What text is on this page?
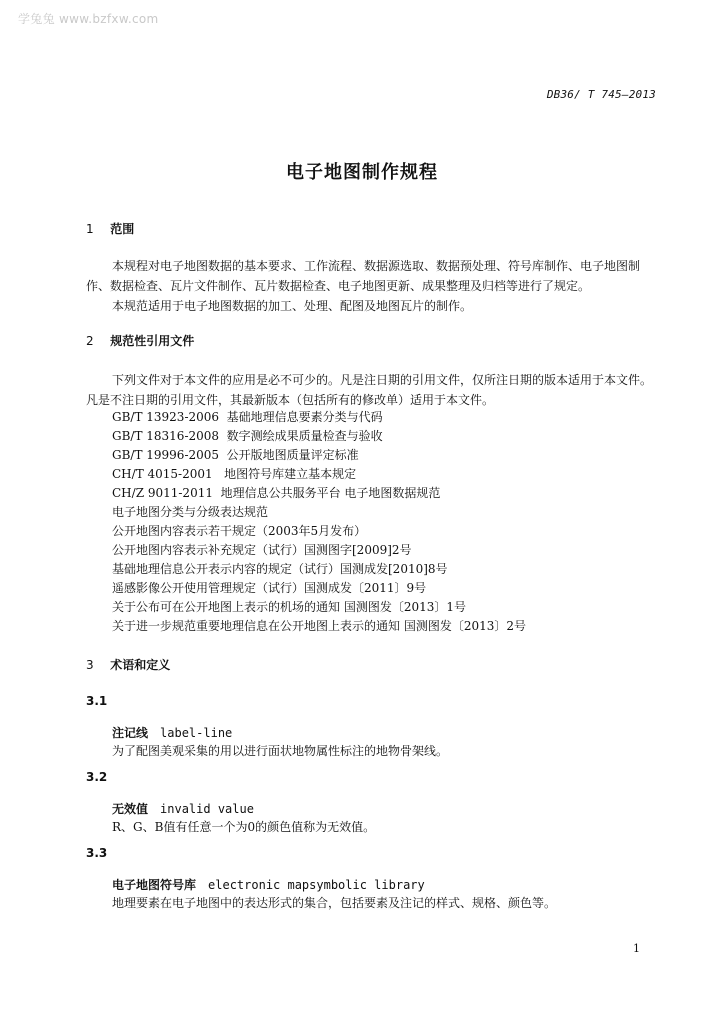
学兔兔 www.bzfxw.com
DB36/ T 745—2013
电子地图制作规程
1 范围
本规程对电子地图数据的基本要求、工作流程、数据源选取、数据预处理、符号库制作、电子地图制作、数据检查、瓦片文件制作、瓦片数据检查、电子地图更新、成果整理及归档等进行了规定。
本规范适用于电子地图数据的加工、处理、配图及地图瓦片的制作。
2 规范性引用文件
下列文件对于本文件的应用是必不可少的。凡是注日期的引用文件，仅所注日期的版本适用于本文件。凡是不注日期的引用文件，其最新版本（包括所有的修改单）适用于本文件。
GB/T 13923-2006  基础地理信息要素分类与代码
GB/T 18316-2008  数字测绘成果质量检查与验收
GB/T 19996-2005  公开版地图质量评定标准
CH/T 4015-2001   地图符号库建立基本规定
CH/Z 9011-2011  地理信息公共服务平台 电子地图数据规范
电子地图分类与分级表达规范
公开地图内容表示若干规定（2003年5月发布）
公开地图内容表示补充规定（试行）国测图字[2009]2号
基础地理信息公开表示内容的规定（试行）国测成发[2010]8号
遥感影像公开使用管理规定（试行）国测成发〔2011〕9号
关于公布可在公开地图上表示的机场的通知 国测图发〔2013〕1号
关于进一步规范重要地理信息在公开地图上表示的通知 国测图发〔2013〕2号
3 术语和定义
3.1
注记线 label-line
为了配图美观采集的用以进行面状地物属性标注的地物骨架线。
3.2
无效值 invalid value
R、G、B值有任意一个为0的颜色值称为无效值。
3.3
电子地图符号库 electronic mapsymbolic library
地理要素在电子地图中的表达形式的集合，包括要素及注记的样式、规格、颜色等。
1
